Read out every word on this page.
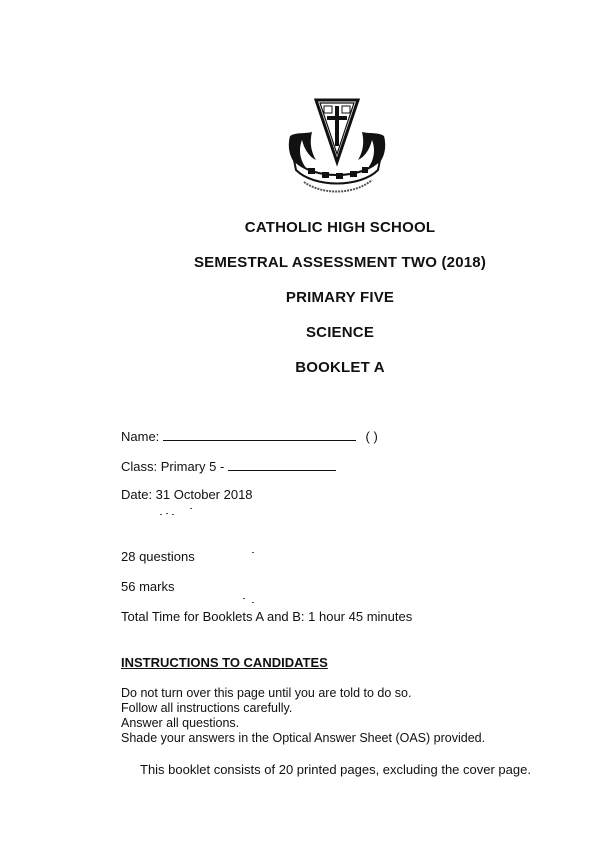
CATHOLIC HIGH SCHOOL
SEMESTRAL ASSESSMENT TWO (2018)
PRIMARY FIVE
SCIENCE
BOOKLET A
Name:	( )
Class: Primary 5 -
Date: 31 October 2018
28 questions
56 marks
Total Time for Booklets A and B: 1 hour 45 minutes
INSTRUCTIONS TO CANDIDATES
Do not turn over this page until you are told to do so.
Follow all instructions carefully.
Answer all questions.
Shade your answers in the Optical Answer Sheet (OAS) provided.
This booklet consists of 20 printed pages, excluding the cover page.
